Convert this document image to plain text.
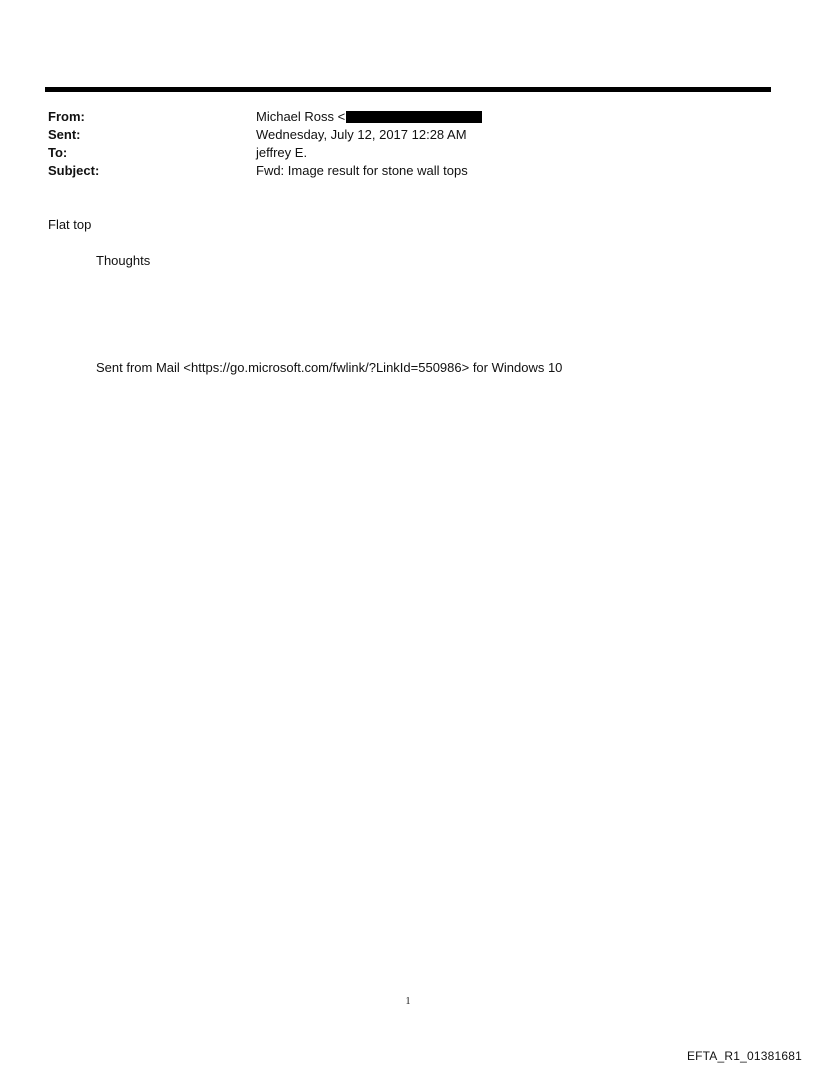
From:	Michael Ross <
Sent:	Wednesday, July 12, 2017 12:28 AM
To:	jeffrey E.
Subject:	Fwd: Image result for stone wall tops
Flat top
Thoughts
Sent from Mail <https://go.microsoft.com/fwlink/?LinkId=550986> for Windows 10
1
EFTA_R1_01381681
